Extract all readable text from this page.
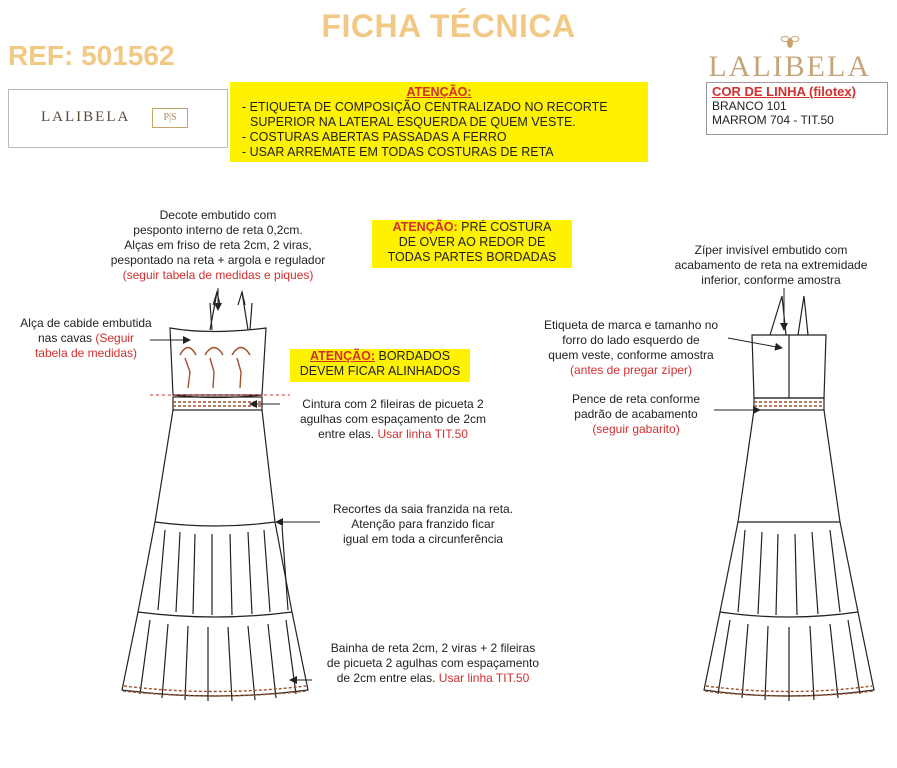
FICHA TÉCNICA
REF: 501562	LALIBELA
LALIBELA	P|S
ATENÇÃO:
- ETIQUETA DE COMPOSIÇÃO CENTRALIZADO NO RECORTE
SUPERIOR NA LATERAL ESQUERDA DE QUEM VESTE.
- COSTURAS ABERTAS PASSADAS A FERRO
- USAR ARREMATE EM TODAS COSTURAS DE RETA
COR DE LINHA (filotex)
BRANCO 101
MARROM 704 - TIT.50
Decote embutido com
pesponto interno de reta 0,2cm.
Alças em friso de reta 2cm, 2 viras,
pespontado na reta + argola e regulador
(seguir tabela de medidas e piques)
Alça de cabide embutida
nas cavas (Seguir
tabela de medidas)
Cintura com 2 fileiras de picueta 2
agulhas com espaçamento de 2cm
entre elas. Usar linha TIT.50
Recortes da saia franzida na reta.
Atenção para franzido ficar
igual em toda a circunferência
Bainha de reta 2cm, 2 viras + 2 fileiras
de picueta 2 agulhas com espaçamento
de 2cm entre elas. Usar linha TIT.50
ATENÇÃO: PRÉ COSTURA
DE OVER AO REDOR DE
TODAS PARTES BORDADAS
ATENÇÃO: BORDADOS
DEVEM FICAR ALINHADOS
Zíper invisível embutido com
acabamento de reta na extremidade
inferior, conforme amostra
Etiqueta de marca e tamanho no
forro do lado esquerdo de
quem veste, conforme amostra
(antes de pregar zíper)
Pence de reta conforme
padrão de acabamento
(seguir gabarito)
